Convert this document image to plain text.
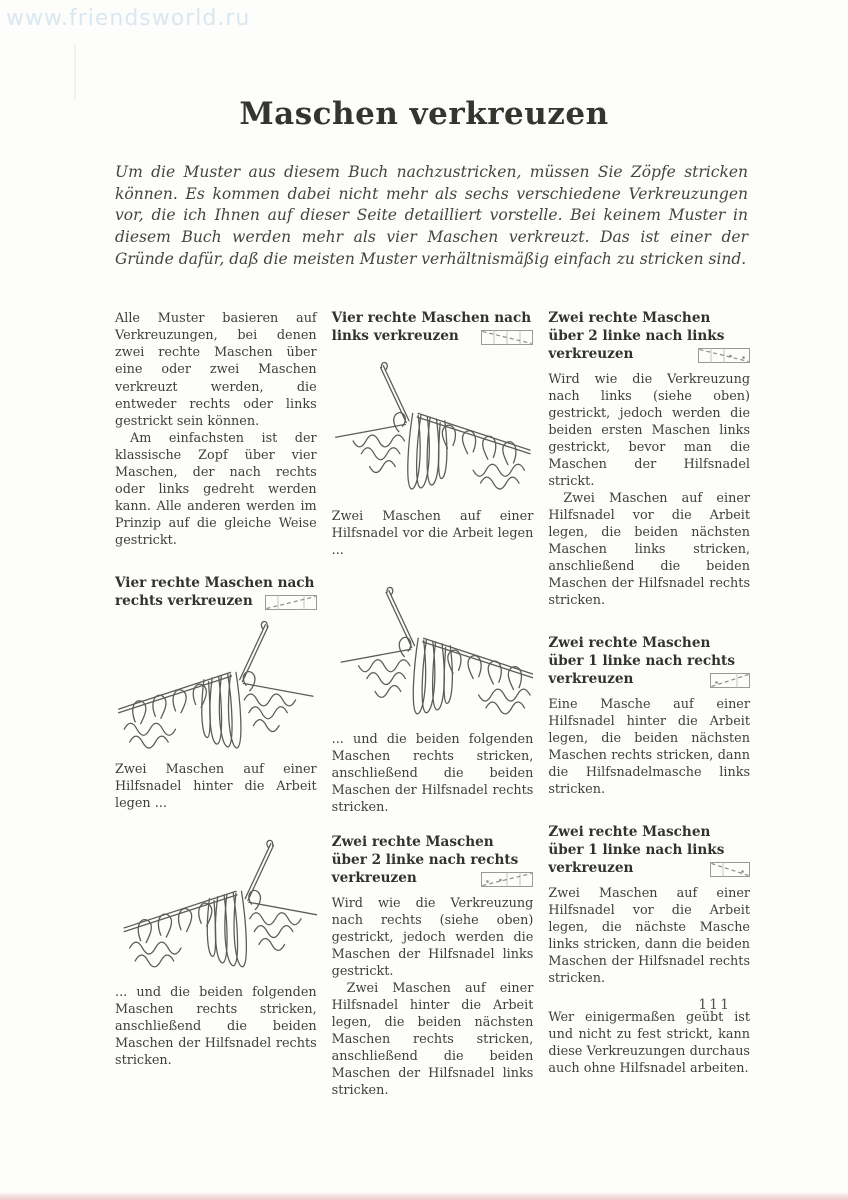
www.friendsworld.ru
Maschen verkreuzen

Um die Muster aus diesem Buch nachzustricken, müssen Sie Zöpfe stricken können. Es kommen dabei nicht mehr als sechs verschiedene Verkreuzungen vor, die ich Ihnen auf dieser Seite detailliert vorstelle. Bei keinem Muster in diesem Buch werden mehr als vier Maschen verkreuzt. Das ist einer der Gründe dafür, daß die meisten Muster verhältnismäßig einfach zu stricken sind.

Alle Muster basieren auf Verkreuzungen, bei denen zwei rechte Maschen über eine oder zwei Maschen verkreuzt werden, die entweder rechts oder links gestrickt sein können.

Am einfachsten ist der klassische Zopf über vier Maschen, der nach rechts oder links gedreht werden kann. Alle anderen werden im Prinzip auf die gleiche Weise gestrickt.

Vier rechte Maschen nach rechts verkreuzen

Zwei Maschen auf einer Hilfsnadel hinter die Arbeit legen ...

... und die beiden folgenden Maschen rechts stricken, anschließend die beiden Maschen der Hilfsnadel rechts stricken.

Vier rechte Maschen nach links verkreuzen

Zwei Maschen auf einer Hilfsnadel vor die Arbeit legen ...

... und die beiden folgenden Maschen rechts stricken, anschließend die beiden Maschen der Hilfsnadel rechts stricken.

Zwei rechte Maschen über 2 linke nach rechts verkreuzen

Wird wie die Verkreuzung nach rechts (siehe oben) gestrickt, jedoch werden die Maschen der Hilfsnadel links gestrickt.

Zwei Maschen auf einer Hilfsnadel hinter die Arbeit legen, die beiden nächsten Maschen rechts stricken, anschließend die beiden Maschen der Hilfsnadel links stricken.

Zwei rechte Maschen über 2 linke nach links verkreuzen

Wird wie die Verkreuzung nach links (siehe oben) gestrickt, jedoch werden die beiden ersten Maschen links gestrickt, bevor man die Maschen der Hilfsnadel strickt.

Zwei Maschen auf einer Hilfsnadel vor die Arbeit legen, die beiden nächsten Maschen links stricken, anschließend die beiden Maschen der Hilfsnadel rechts stricken.

Zwei rechte Maschen über 1 linke nach rechts verkreuzen

Eine Masche auf einer Hilfsnadel hinter die Arbeit legen, die beiden nächsten Maschen rechts stricken, dann die Hilfsnadelmasche links stricken.

Zwei rechte Maschen über 1 linke nach links verkreuzen

Zwei Maschen auf einer Hilfsnadel vor die Arbeit legen, die nächste Masche links stricken, dann die beiden Maschen der Hilfsnadel rechts stricken.

Wer einigermaßen geübt ist und nicht zu fest strickt, kann diese Verkreuzungen durchaus auch ohne Hilfsnadel arbeiten.

111
